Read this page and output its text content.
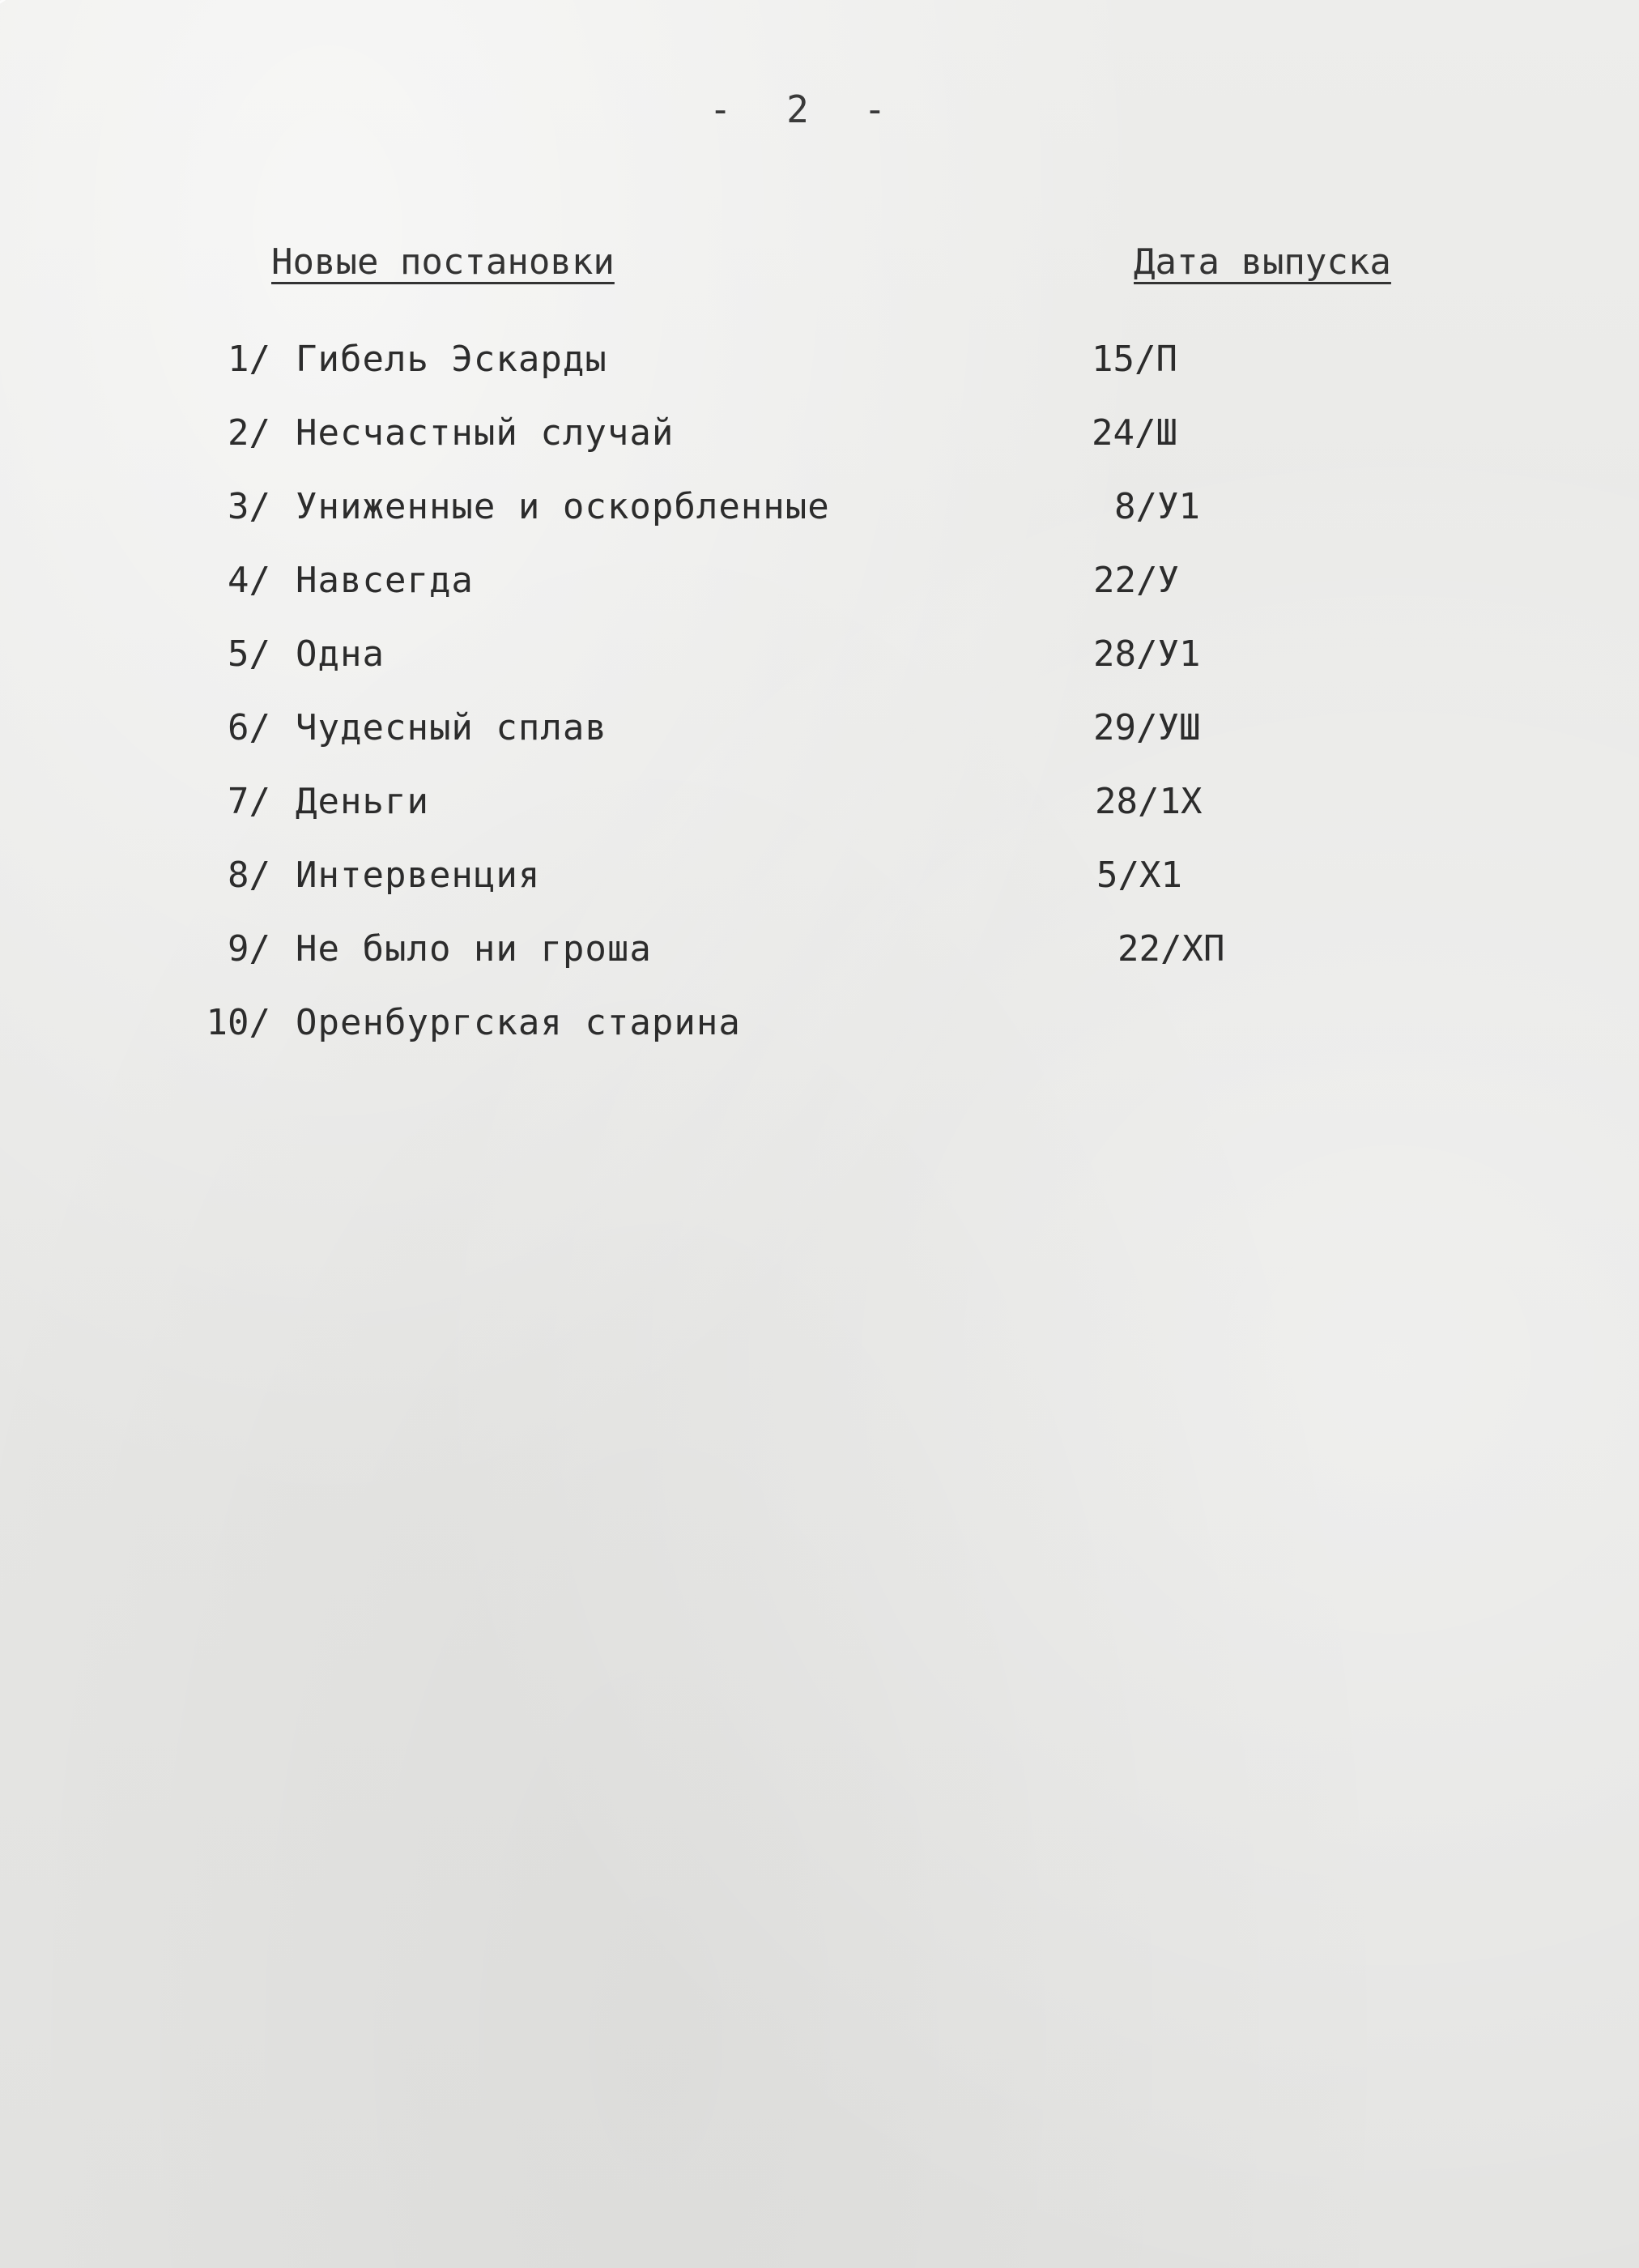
- 2 -
Новые постановки	Дата выпуска
1/ Гибель Эскарды	15/П
2/ Несчастный случай	24/Ш
3/ Униженные и оскорбленные	8/У1
4/ Навсегда	22/У
5/ Одна	28/У1
6/ Чудесный сплав	29/УШ
7/ Деньги	28/1Х
8/ Интервенция	5/Х1
9/ Не было ни гроша	22/ХП
10/ Оренбургская старина
